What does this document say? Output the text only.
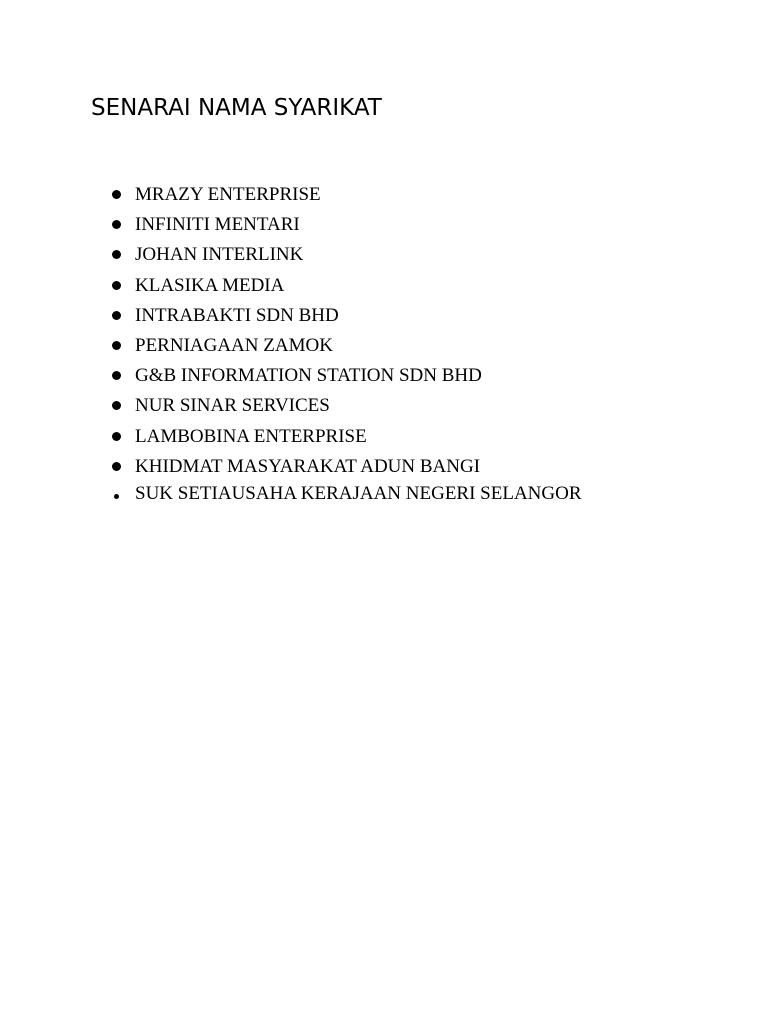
SENARAI NAMA SYARIKAT
MRAZY ENTERPRISE
INFINITI MENTARI
JOHAN INTERLINK
KLASIKA MEDIA
INTRABAKTI SDN BHD
PERNIAGAAN ZAMOK
G&B INFORMATION STATION SDN BHD
NUR SINAR SERVICES
LAMBOBINA ENTERPRISE
KHIDMAT MASYARAKAT ADUN BANGI
SUK SETIAUSAHA KERAJAAN NEGERI SELANGOR
